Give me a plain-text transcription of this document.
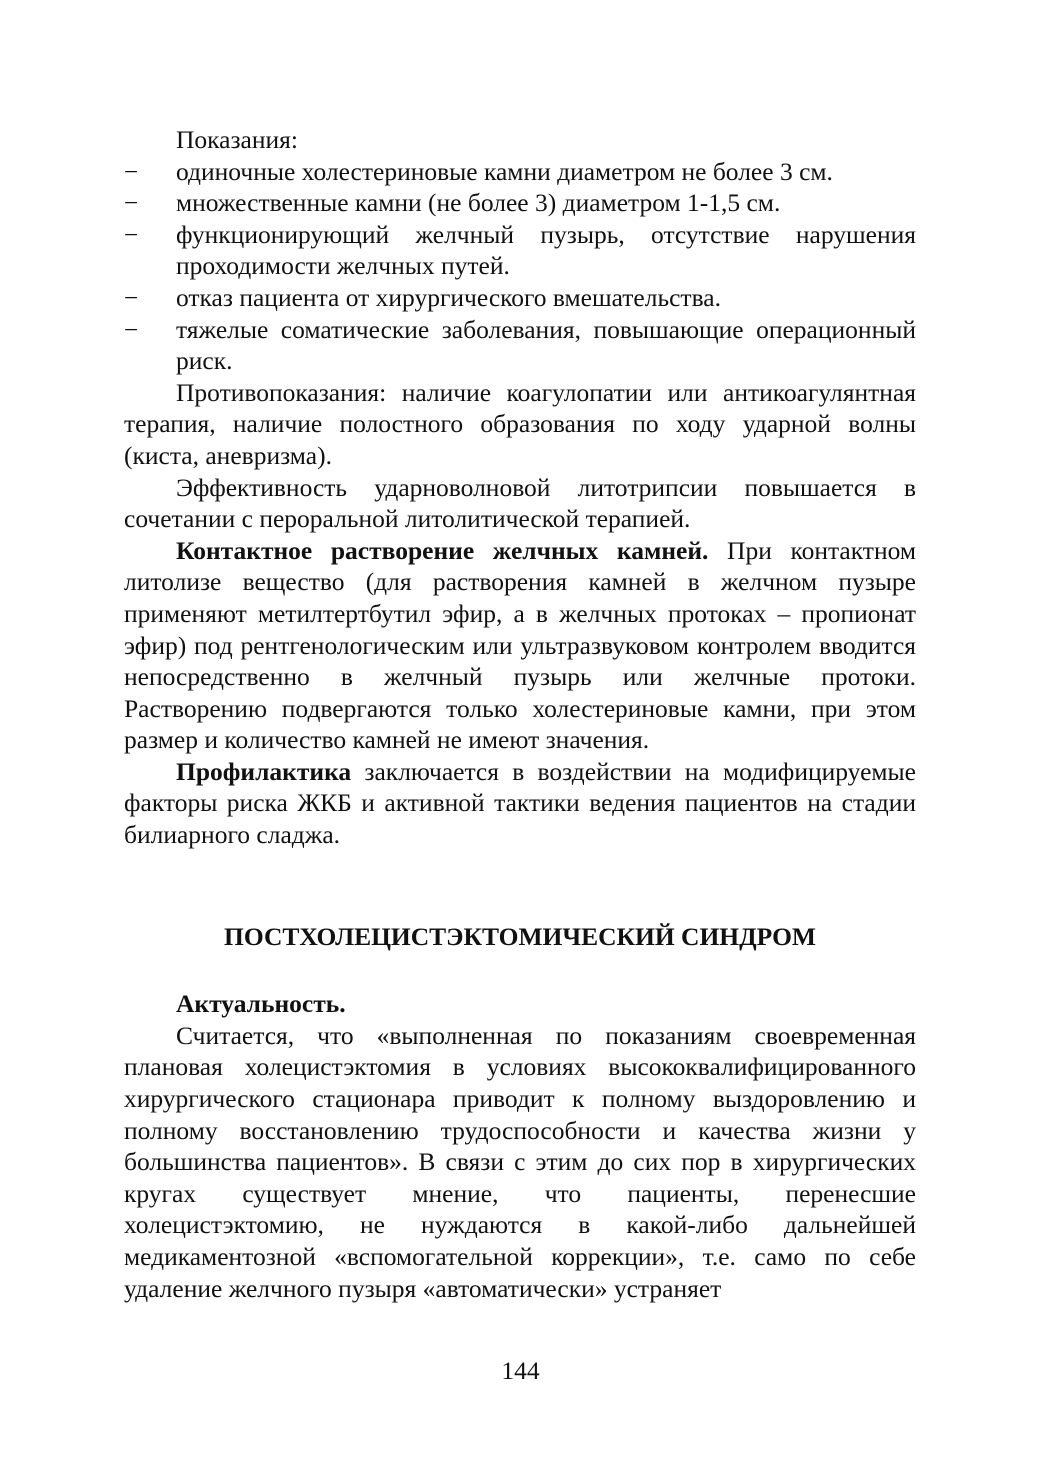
Показания:

− одиночные холестериновые камни диаметром не более 3 см.
− множественные камни (не более 3) диаметром 1-1,5 см.
− функционирующий желчный пузырь, отсутствие нарушения проходимости желчных путей.
− отказ пациента от хирургического вмешательства.
− тяжелые соматические заболевания, повышающие операционный риск.

Противопоказания: наличие коагулопатии или антикоагулянтная терапия, наличие полостного образования по ходу ударной волны (киста, аневризма).

Эффективность ударноволновой литотрипсии повышается в сочетании с пероральной литолитической терапией.

Контактное растворение желчных камней. При контактном литолизе вещество (для растворения камней в желчном пузыре применяют метилтертбутил эфир, а в желчных протоках – пропионат эфир) под рентгенологическим или ультразвуковом контролем вводится непосредственно в желчный пузырь или желчные протоки. Растворению подвергаются только холестериновые камни, при этом размер и количество камней не имеют значения.

Профилактика заключается в воздействии на модифицируемые факторы риска ЖКБ и активной тактики ведения пациентов на стадии билиарного сладжа.

ПОСТХОЛЕЦИСТЭКТОМИЧЕСКИЙ СИНДРОМ

Актуальность.

Считается, что «выполненная по показаниям своевременная плановая холецистэктомия в условиях высококвалифицированного хирургического стационара приводит к полному выздоровлению и полному восстановлению трудоспособности и качества жизни у большинства пациентов». В связи с этим до сих пор в хирургических кругах существует мнение, что пациенты, перенесшие холецистэктомию, не нуждаются в какой-либо дальнейшей медикаментозной «вспомогательной коррекции», т.е. само по себе удаление желчного пузыря «автоматически» устраняет

144
